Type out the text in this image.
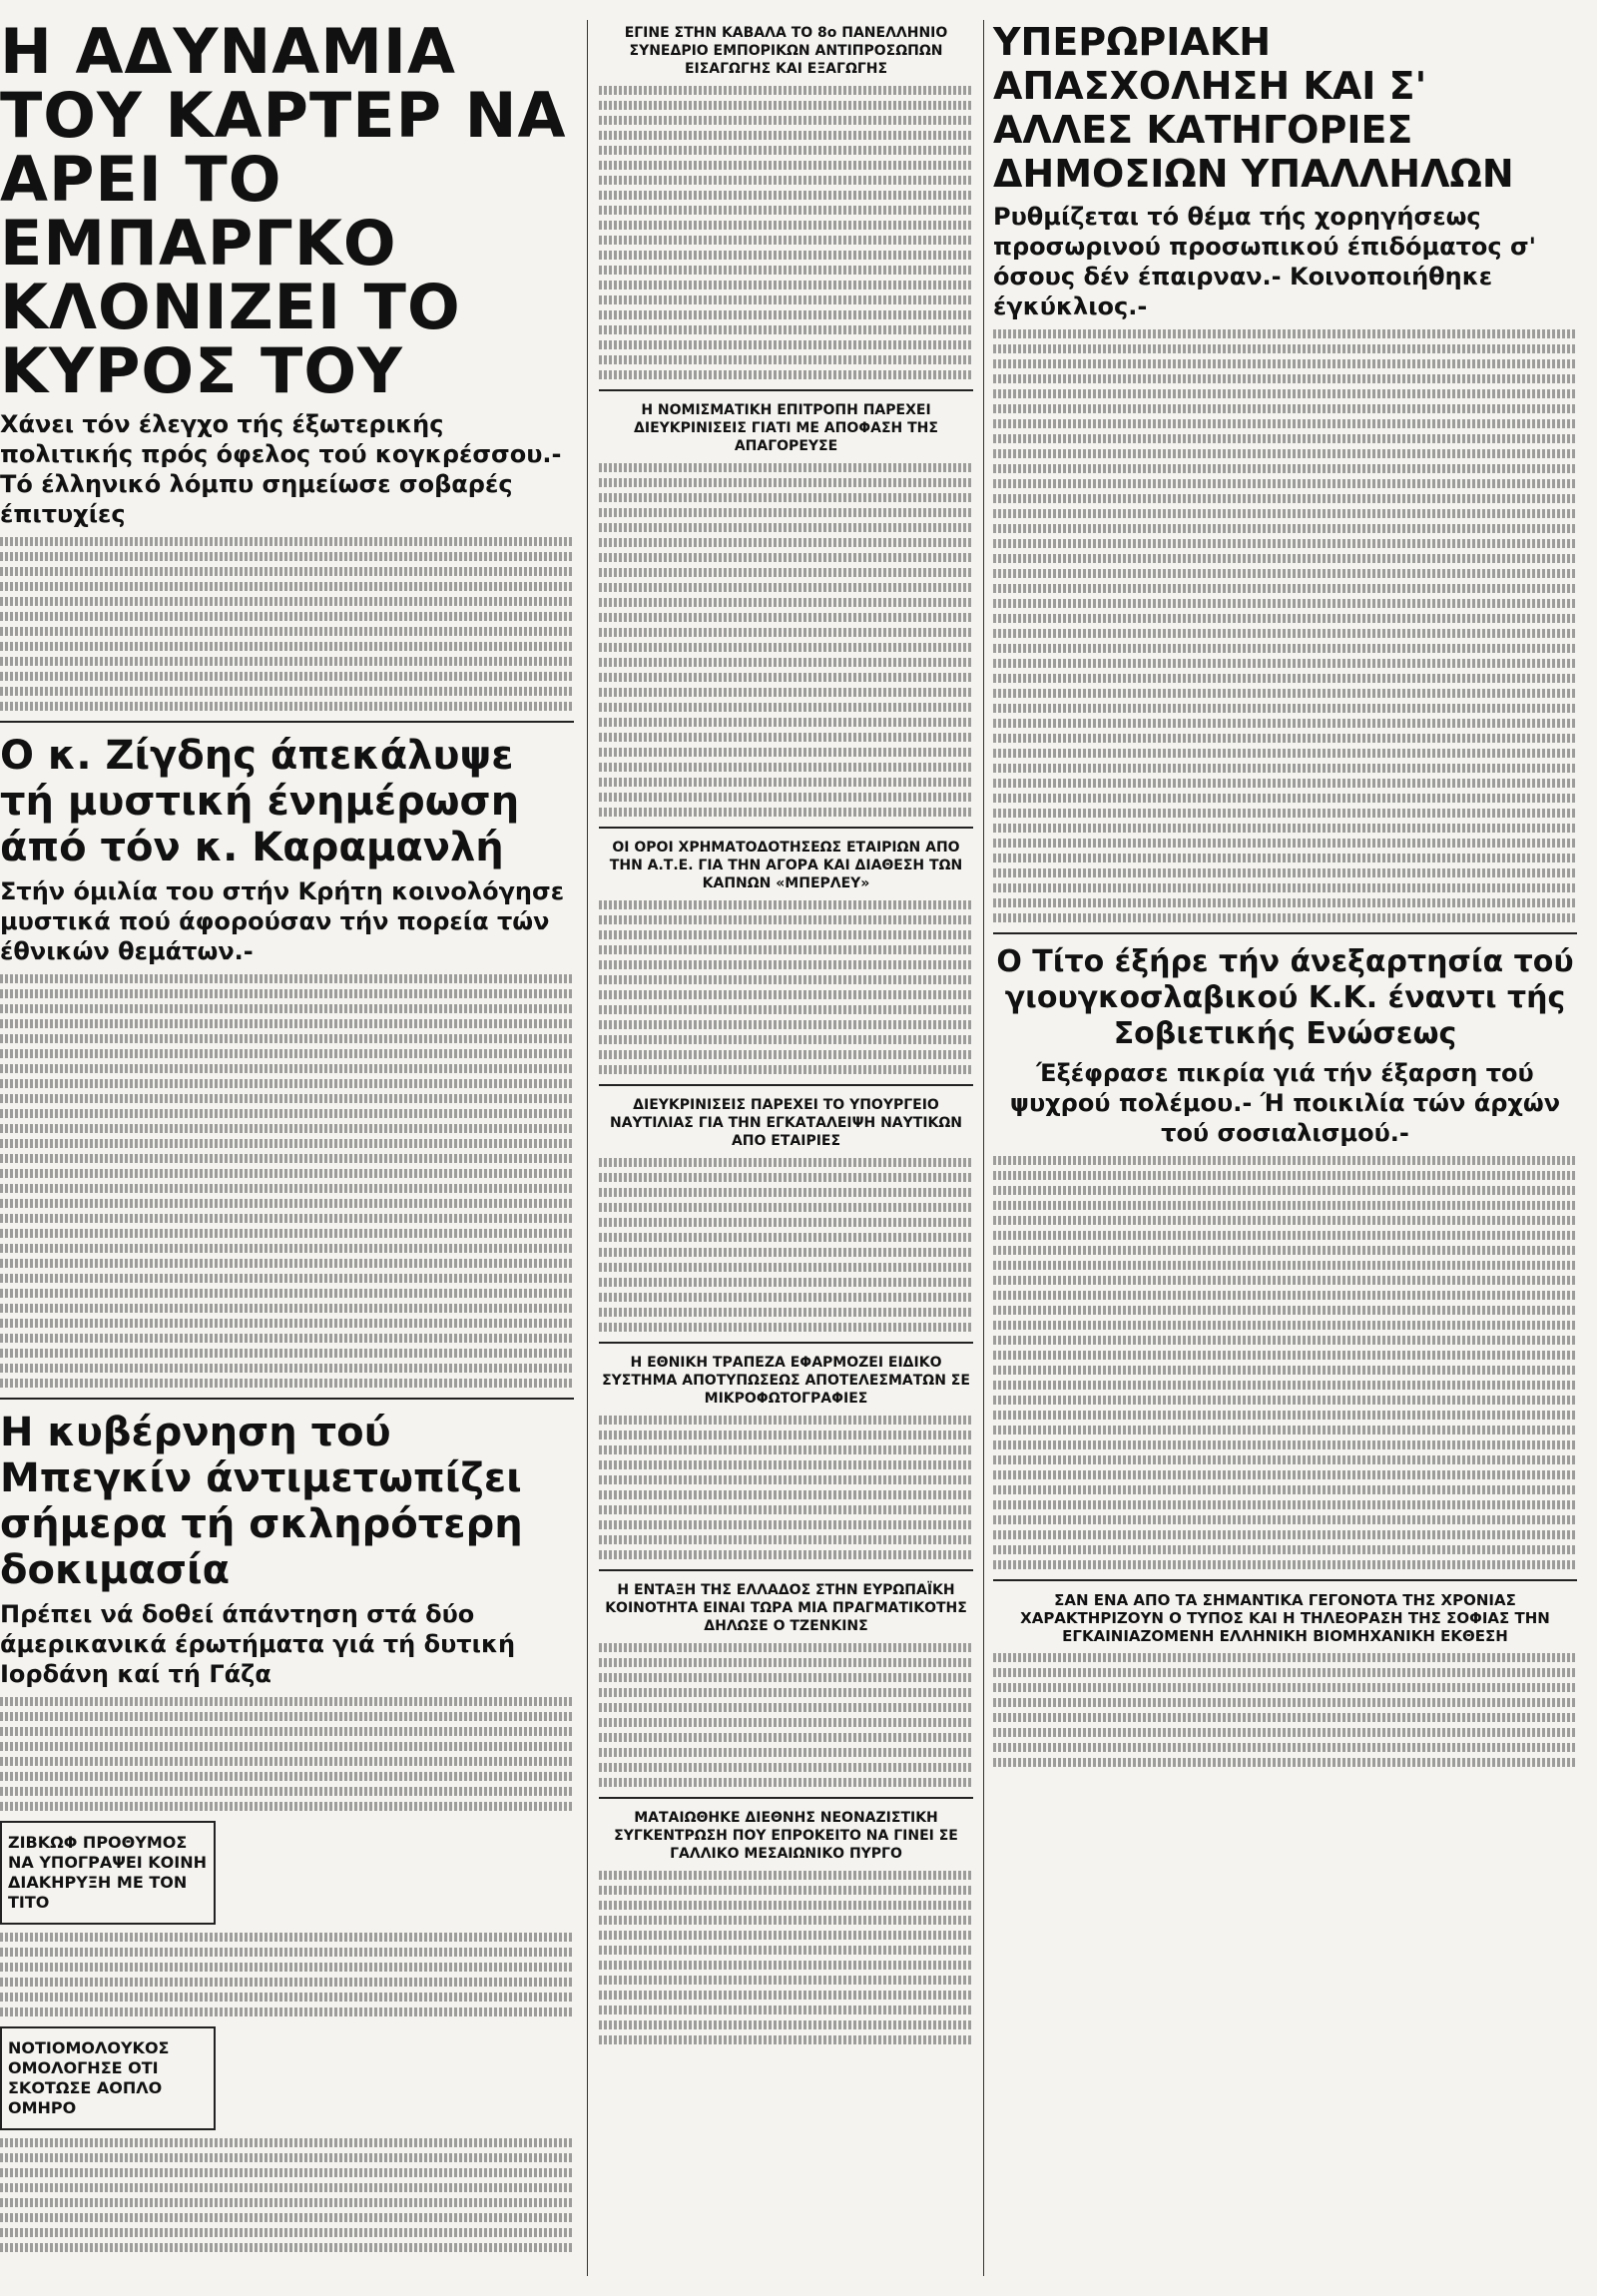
Η ΑΔΥΝΑΜΙΑ ΤΟΥ ΚΑΡΤΕΡ ΝΑ ΑΡΕΙ ΤΟ ΕΜΠΑΡΓΚΟ ΚΛΟΝΙΖΕΙ ΤΟ ΚΥΡΟΣ ΤΟΥ
Χάνει τόν έλεγχο τής έξωτερικής πολιτικής πρός όφελος τού κογκρέσσου.- Τό έλληνικό λόμπυ σημείωσε σοβαρές έπιτυχίες
Ο κ. Ζίγδης άπεκάλυψε τή μυστική ένημέρωση άπό τόν κ. Καραμανλή
Στήν όμιλία του στήν Κρήτη κοινολόγησε μυστικά πού άφορούσαν τήν πορεία τών έθνικών θεμάτων.-
Η κυβέρνηση τού Μπεγκίν άντιμετωπίζει σήμερα τή σκληρότερη δοκιμασία
Πρέπει νά δοθεί άπάντηση στά δύο άμερικανικά έρωτήματα γιά τή δυτική Ιορδάνη καί τή Γάζα
ΖΙΒΚΩΦ ΠΡΟΘΥΜΟΣ ΝΑ ΥΠΟΓΡΑΨΕΙ ΚΟΙΝΗ ΔΙΑΚΗΡΥΞΗ ΜΕ ΤΟΝ ΤΙΤΟ
ΝΟΤΙΟΜΟΛΟΥΚΟΣ ΟΜΟΛΟΓΗΣΕ ΟΤΙ ΣΚΟΤΩΣΕ ΑΟΠΛΟ ΟΜΗΡΟ
ΕΓΙΝΕ ΣΤΗΝ ΚΑΒΑΛΑ ΤΟ 8ο ΠΑΝΕΛΛΗΝΙΟ ΣΥΝΕΔΡΙΟ ΕΜΠΟΡΙΚΩΝ ΑΝΤΙΠΡΟΣΩΠΩΝ ΕΙΣΑΓΩΓΗΣ ΚΑΙ ΕΞΑΓΩΓΗΣ
Η ΝΟΜΙΣΜΑΤΙΚΗ ΕΠΙΤΡΟΠΗ ΠΑΡΕΧΕΙ ΔΙΕΥΚΡΙΝΙΣΕΙΣ ΓΙΑΤΙ ΜΕ ΑΠΟΦΑΣΗ ΤΗΣ ΑΠΑΓΟΡΕΥΣΕ
ΟΙ ΟΡΟΙ ΧΡΗΜΑΤΟΔΟΤΗΣΕΩΣ ΕΤΑΙΡΙΩΝ ΑΠΟ ΤΗΝ Α.Τ.Ε. ΓΙΑ ΤΗΝ ΑΓΟΡΑ ΚΑΙ ΔΙΑΘΕΣΗ ΤΩΝ ΚΑΠΝΩΝ «ΜΠΕΡΛΕΥ»
ΔΙΕΥΚΡΙΝΙΣΕΙΣ ΠΑΡΕΧΕΙ ΤΟ ΥΠΟΥΡΓΕΙΟ ΝΑΥΤΙΛΙΑΣ ΓΙΑ ΤΗΝ ΕΓΚΑΤΑΛΕΙΨΗ ΝΑΥΤΙΚΩΝ ΑΠΟ ΕΤΑΙΡΙΕΣ
Η ΕΘΝΙΚΗ ΤΡΑΠΕΖΑ ΕΦΑΡΜΟΖΕΙ ΕΙΔΙΚΟ ΣΥΣΤΗΜΑ ΑΠΟΤΥΠΩΣΕΩΣ ΑΠΟΤΕΛΕΣΜΑΤΩΝ ΣΕ ΜΙΚΡΟΦΩΤΟΓΡΑΦΙΕΣ
Η ΕΝΤΑΞΗ ΤΗΣ ΕΛΛΑΔΟΣ ΣΤΗΝ ΕΥΡΩΠΑΪΚΗ ΚΟΙΝΟΤΗΤΑ ΕΙΝΑΙ ΤΩΡΑ ΜΙΑ ΠΡΑΓΜΑΤΙΚΟΤΗΣ ΔΗΛΩΣΕ Ο ΤΖΕΝΚΙΝΣ
ΜΑΤΑΙΩΘΗΚΕ ΔΙΕΘΝΗΣ ΝΕΟΝΑΖΙΣΤΙΚΗ ΣΥΓΚΕΝΤΡΩΣΗ ΠΟΥ ΕΠΡΟΚΕΙΤΟ ΝΑ ΓΙΝΕΙ ΣΕ ΓΑΛΛΙΚΟ ΜΕΣΑΙΩΝΙΚΟ ΠΥΡΓΟ
ΥΠΕΡΩΡΙΑΚΗ ΑΠΑΣΧΟΛΗΣΗ ΚΑΙ Σ' ΑΛΛΕΣ ΚΑΤΗΓΟΡΙΕΣ ΔΗΜΟΣΙΩΝ ΥΠΑΛΛΗΛΩΝ
Ρυθμίζεται τό θέμα τής χορηγήσεως προσωρινού προσωπικού έπιδόματος σ' όσους δέν έπαιρναν.- Κοινοποιήθηκε έγκύκλιος.-
Ο Τίτο έξήρε τήν άνεξαρτησία τού γιουγκοσλαβικού Κ.Κ. έναντι τής Σοβιετικής Ενώσεως
Έξέφρασε πικρία γιά τήν έξαρση τού ψυχρού πολέμου.- Ή ποικιλία τών άρχών τού σοσιαλισμού.-
ΣΑΝ ΕΝΑ ΑΠΟ ΤΑ ΣΗΜΑΝΤΙΚΑ ΓΕΓΟΝΟΤΑ ΤΗΣ ΧΡΟΝΙΑΣ ΧΑΡΑΚΤΗΡΙΖΟΥΝ Ο ΤΥΠΟΣ ΚΑΙ Η ΤΗΛΕΟΡΑΣΗ ΤΗΣ ΣΟΦΙΑΣ ΤΗΝ ΕΓΚΑΙΝΙΑΖΟΜΕΝΗ ΕΛΛΗΝΙΚΗ ΒΙΟΜΗΧΑΝΙΚΗ ΕΚΘΕΣΗ
